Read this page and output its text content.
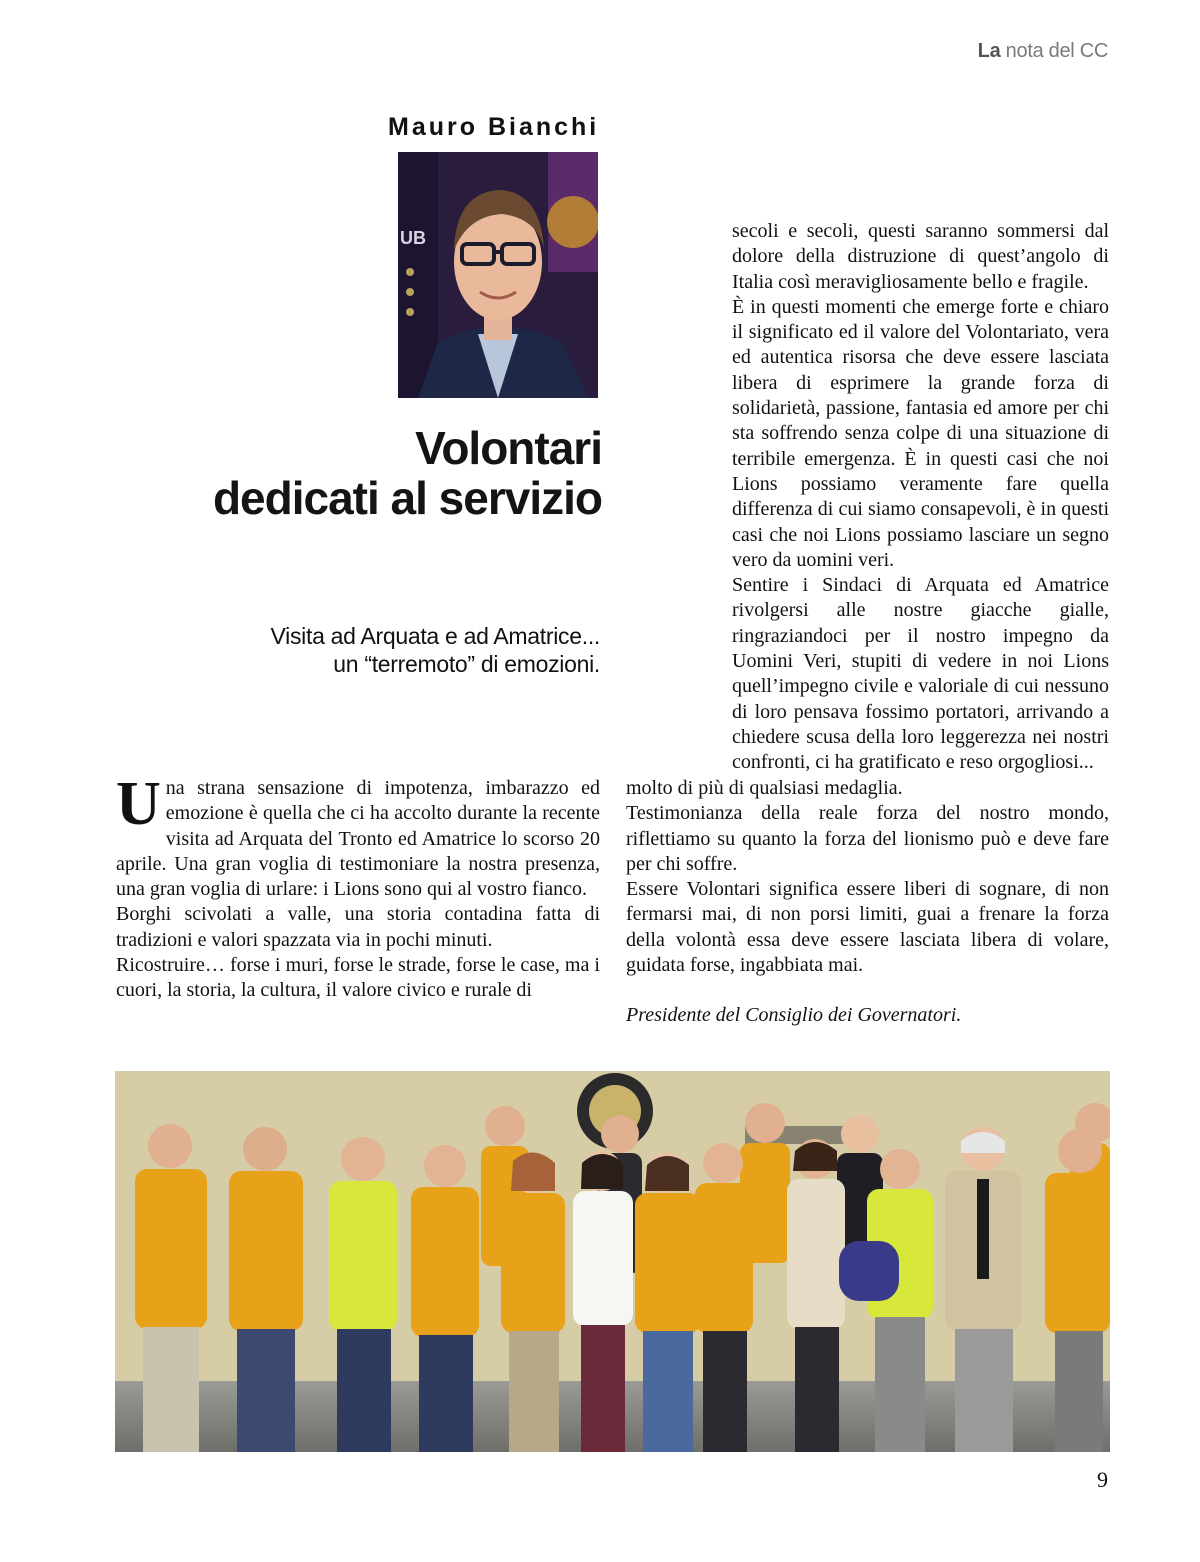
La nota del CC
Mauro Bianchi
UB
Volontari
dedicati al servizio
Visita ad Arquata e ad Amatrice...
un “terremoto” di emozioni.

Una strana sensazione di impotenza, imbarazzo ed emozione è quella che ci ha accolto durante la recente visita ad Arquata del Tronto ed Amatrice lo scorso 20 aprile. Una gran voglia di testimoniare la nostra presenza, una gran voglia di urlare: i Lions sono qui al vostro fianco.

Borghi scivolati a valle, una storia contadina fatta di tradizioni e valori spazzata via in pochi minuti.

Ricostruire… forse i muri, forse le strade, forse le case, ma i cuori, la storia, la cultura, il valore civico e rurale di

secoli e secoli, questi saranno sommersi dal dolore della distruzione di quest’angolo di Italia così meravigliosamente bello e fragile.

È in questi momenti che emerge forte e chiaro il significato ed il valore del Volontariato, vera ed autentica risorsa che deve essere lasciata libera di esprimere la grande forza di solidarietà, passione, fantasia ed amore per chi sta soffrendo senza colpe di una situazione di terribile emergenza. È in questi casi che noi Lions possiamo veramente fare quella differenza di cui siamo consapevoli, è in questi casi che noi Lions possiamo lasciare un segno vero da uomini veri.

Sentire i Sindaci di Arquata ed Amatrice rivolgersi alle nostre giacche gialle, ringraziandoci per il nostro impegno da Uomini Veri, stupiti di vedere in noi Lions quell’impegno civile e valoriale di cui nessuno di loro pensava fossimo portatori, arrivando a chiedere scusa della loro leggerezza nei nostri confronti, ci ha gratificato e reso orgogliosi...

molto di più di qualsiasi medaglia.

Testimonianza della reale forza del nostro mondo, riflettiamo su quanto la forza del lionismo può e deve fare per chi soffre.

Essere Volontari significa essere liberi di sognare, di non fermarsi mai, di non porsi limiti, guai a frenare la forza della volontà essa deve essere lasciata libera di volare, guidata forse, ingabbiata mai.

Presidente del Consiglio dei Governatori.

9
